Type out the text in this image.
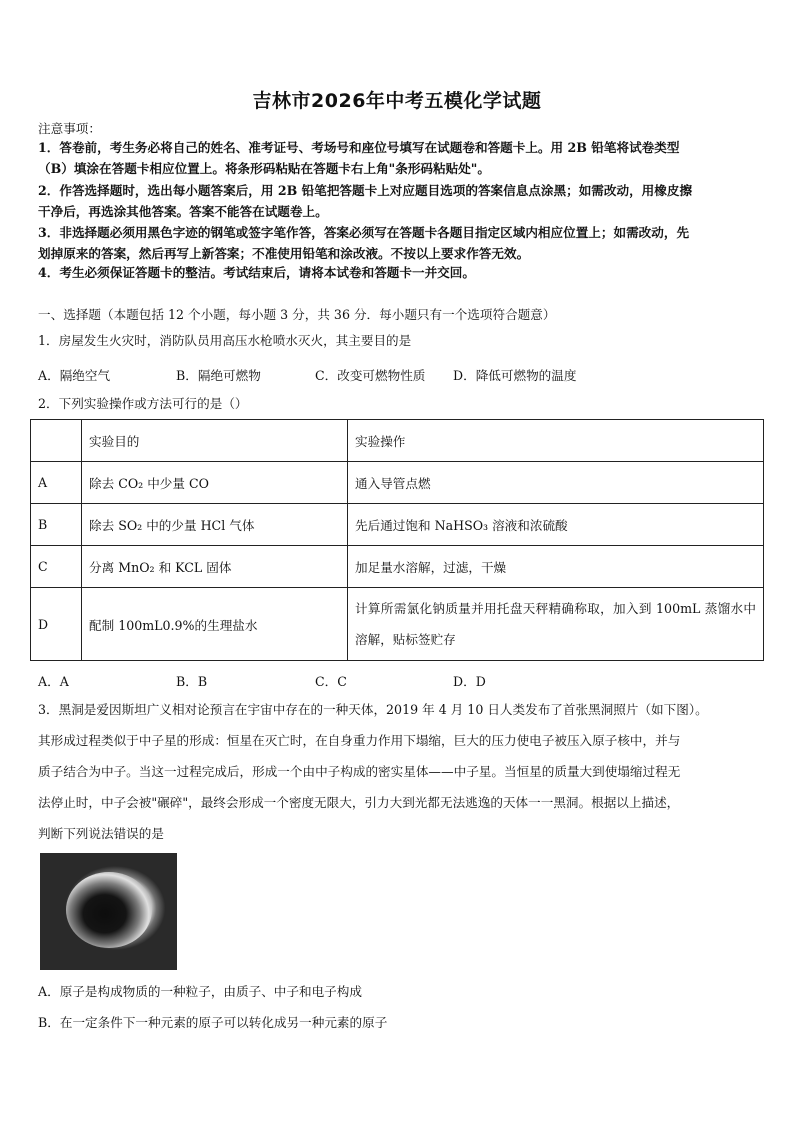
吉林市2026年中考五模化学试题
注意事项：
1．答卷前，考生务必将自己的姓名、准考证号、考场号和座位号填写在试题卷和答题卡上。用 2B 铅笔将试卷类型
（B）填涂在答题卡相应位置上。将条形码粘贴在答题卡右上角"条形码粘贴处"。
2．作答选择题时，选出每小题答案后，用 2B 铅笔把答题卡上对应题目选项的答案信息点涂黑；如需改动，用橡皮擦
干净后，再选涂其他答案。答案不能答在试题卷上。
3．非选择题必须用黑色字迹的钢笔或签字笔作答，答案必须写在答题卡各题目指定区域内相应位置上；如需改动，先
划掉原来的答案，然后再写上新答案；不准使用铅笔和涂改液。不按以上要求作答无效。
4．考生必须保证答题卡的整洁。考试结束后，请将本试卷和答题卡一并交回。
一、选择题（本题包括 12 个小题，每小题 3 分，共 36 分．每小题只有一个选项符合题意）
1．房屋发生火灾时，消防队员用高压水枪喷水灭火，其主要目的是
A．隔绝空气	B．隔绝可燃物	C．改变可燃物性质 D．降低可燃物的温度
2．下列实验操作或方法可行的是（）
	实验目的	实验操作
A	除去 CO₂ 中少量 CO	通入导管点燃
B	除去 SO₂ 中的少量 HCl 气体	先后通过饱和 NaHSO₃ 溶液和浓硫酸
C	分离 MnO₂ 和 KCL 固体	加足量水溶解，过滤，干燥
D	配制 100mL0.9%的生理盐水	计算所需氯化钠质量并用托盘天秤精确称取，加入到 100mL 蒸馏水中溶解，贴标签贮存
A．A	B．B	C．C	D．D
3．黑洞是爱因斯坦广义相对论预言在宇宙中存在的一种天体，2019 年 4 月 10 日人类发布了首张黑洞照片（如下图）。
其形成过程类似于中子星的形成：恒星在灭亡时，在自身重力作用下塌缩，巨大的压力使电子被压入原子核中，并与
质子结合为中子。当这一过程完成后，形成一个由中子构成的密实星体——中子星。当恒星的质量大到使塌缩过程无
法停止时，中子会被"碾碎"，最终会形成一个密度无限大，引力大到光都无法逃逸的天体一一黑洞。根据以上描述，
判断下列说法错误的是
A．原子是构成物质的一种粒子，由质子、中子和电子构成
B．在一定条件下一种元素的原子可以转化成另一种元素的原子
